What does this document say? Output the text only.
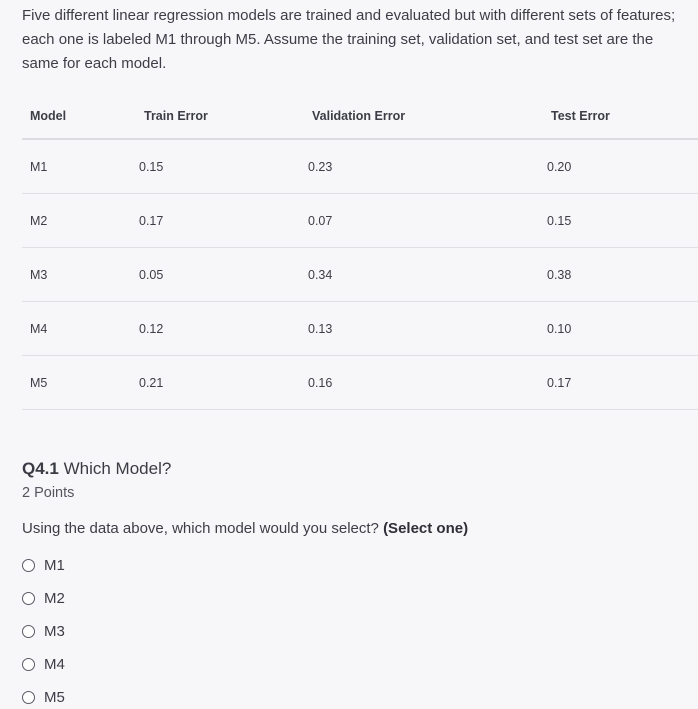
Five different linear regression models are trained and evaluated but with different sets of features; each one is labeled M1 through M5. Assume the training set, validation set, and test set are the same for each model.
Model	Train Error	Validation Error	Test Error
M1	0.15	0.23	0.20
M2	0.17	0.07	0.15
M3	0.05	0.34	0.38
M4	0.12	0.13	0.10
M5	0.21	0.16	0.17
Q4.1 Which Model?
2 Points
Using the data above, which model would you select? (Select one)
M1
M2
M3
M4
M5
